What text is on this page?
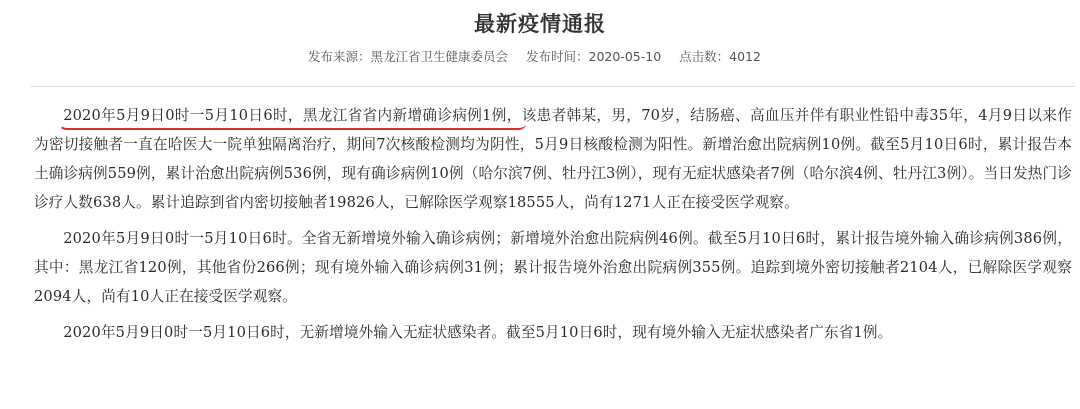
最新疫情通报
发布来源：黑龙江省卫生健康委员会 发布时间：2020-05-10 点击数：4012

2020年5月9日0时一5月10日6时，黑龙江省省内新增确诊病例1例，该患者韩某，男，70岁，结肠癌、高血压并伴有职业性铅中毒35年，4月9日以来作为密切接触者一直在哈医大一院单独隔离治疗，期间7次核酸检测均为阴性，5月9日核酸检测为阳性。新增治愈出院病例10例。截至5月10日6时，累计报告本土确诊病例559例，累计治愈出院病例536例，现有确诊病例10例（哈尔滨7例、牡丹江3例），现有无症状感染者7例（哈尔滨4例、牡丹江3例）。当日发热门诊诊疗人数638人。累计追踪到省内密切接触者19826人，已解除医学观察18555人，尚有1271人正在接受医学观察。

2020年5月9日0时一5月10日6时。全省无新增境外输入确诊病例；新增境外治愈出院病例46例。截至5月10日6时，累计报告境外输入确诊病例386例，其中：黑龙江省120例，其他省份266例；现有境外输入确诊病例31例；累计报告境外治愈出院病例355例。追踪到境外密切接触者2104人，已解除医学观察2094人，尚有10人正在接受医学观察。

2020年5月9日0时一5月10日6时，无新增境外输入无症状感染者。截至5月10日6时，现有境外输入无症状感染者广东省1例。
